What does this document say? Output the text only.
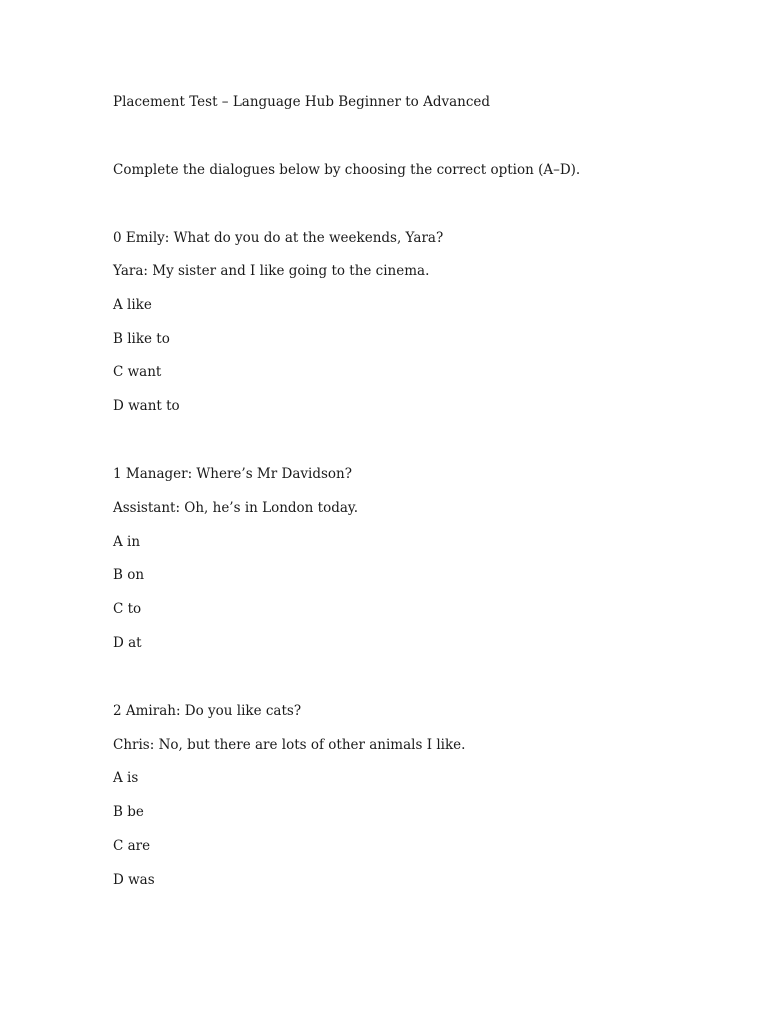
Placement Test – Language Hub Beginner to Advanced

Complete the dialogues below by choosing the correct option (A–D).

0 Emily: What do you do at the weekends, Yara?

Yara: My sister and I like going to the cinema.

A like

B like to

C want

D want to

1 Manager: Where’s Mr Davidson?

Assistant: Oh, he’s in London today.

A in

B on

C to

D at

2 Amirah: Do you like cats?

Chris: No, but there are lots of other animals I like.

A is

B be

C are

D was
